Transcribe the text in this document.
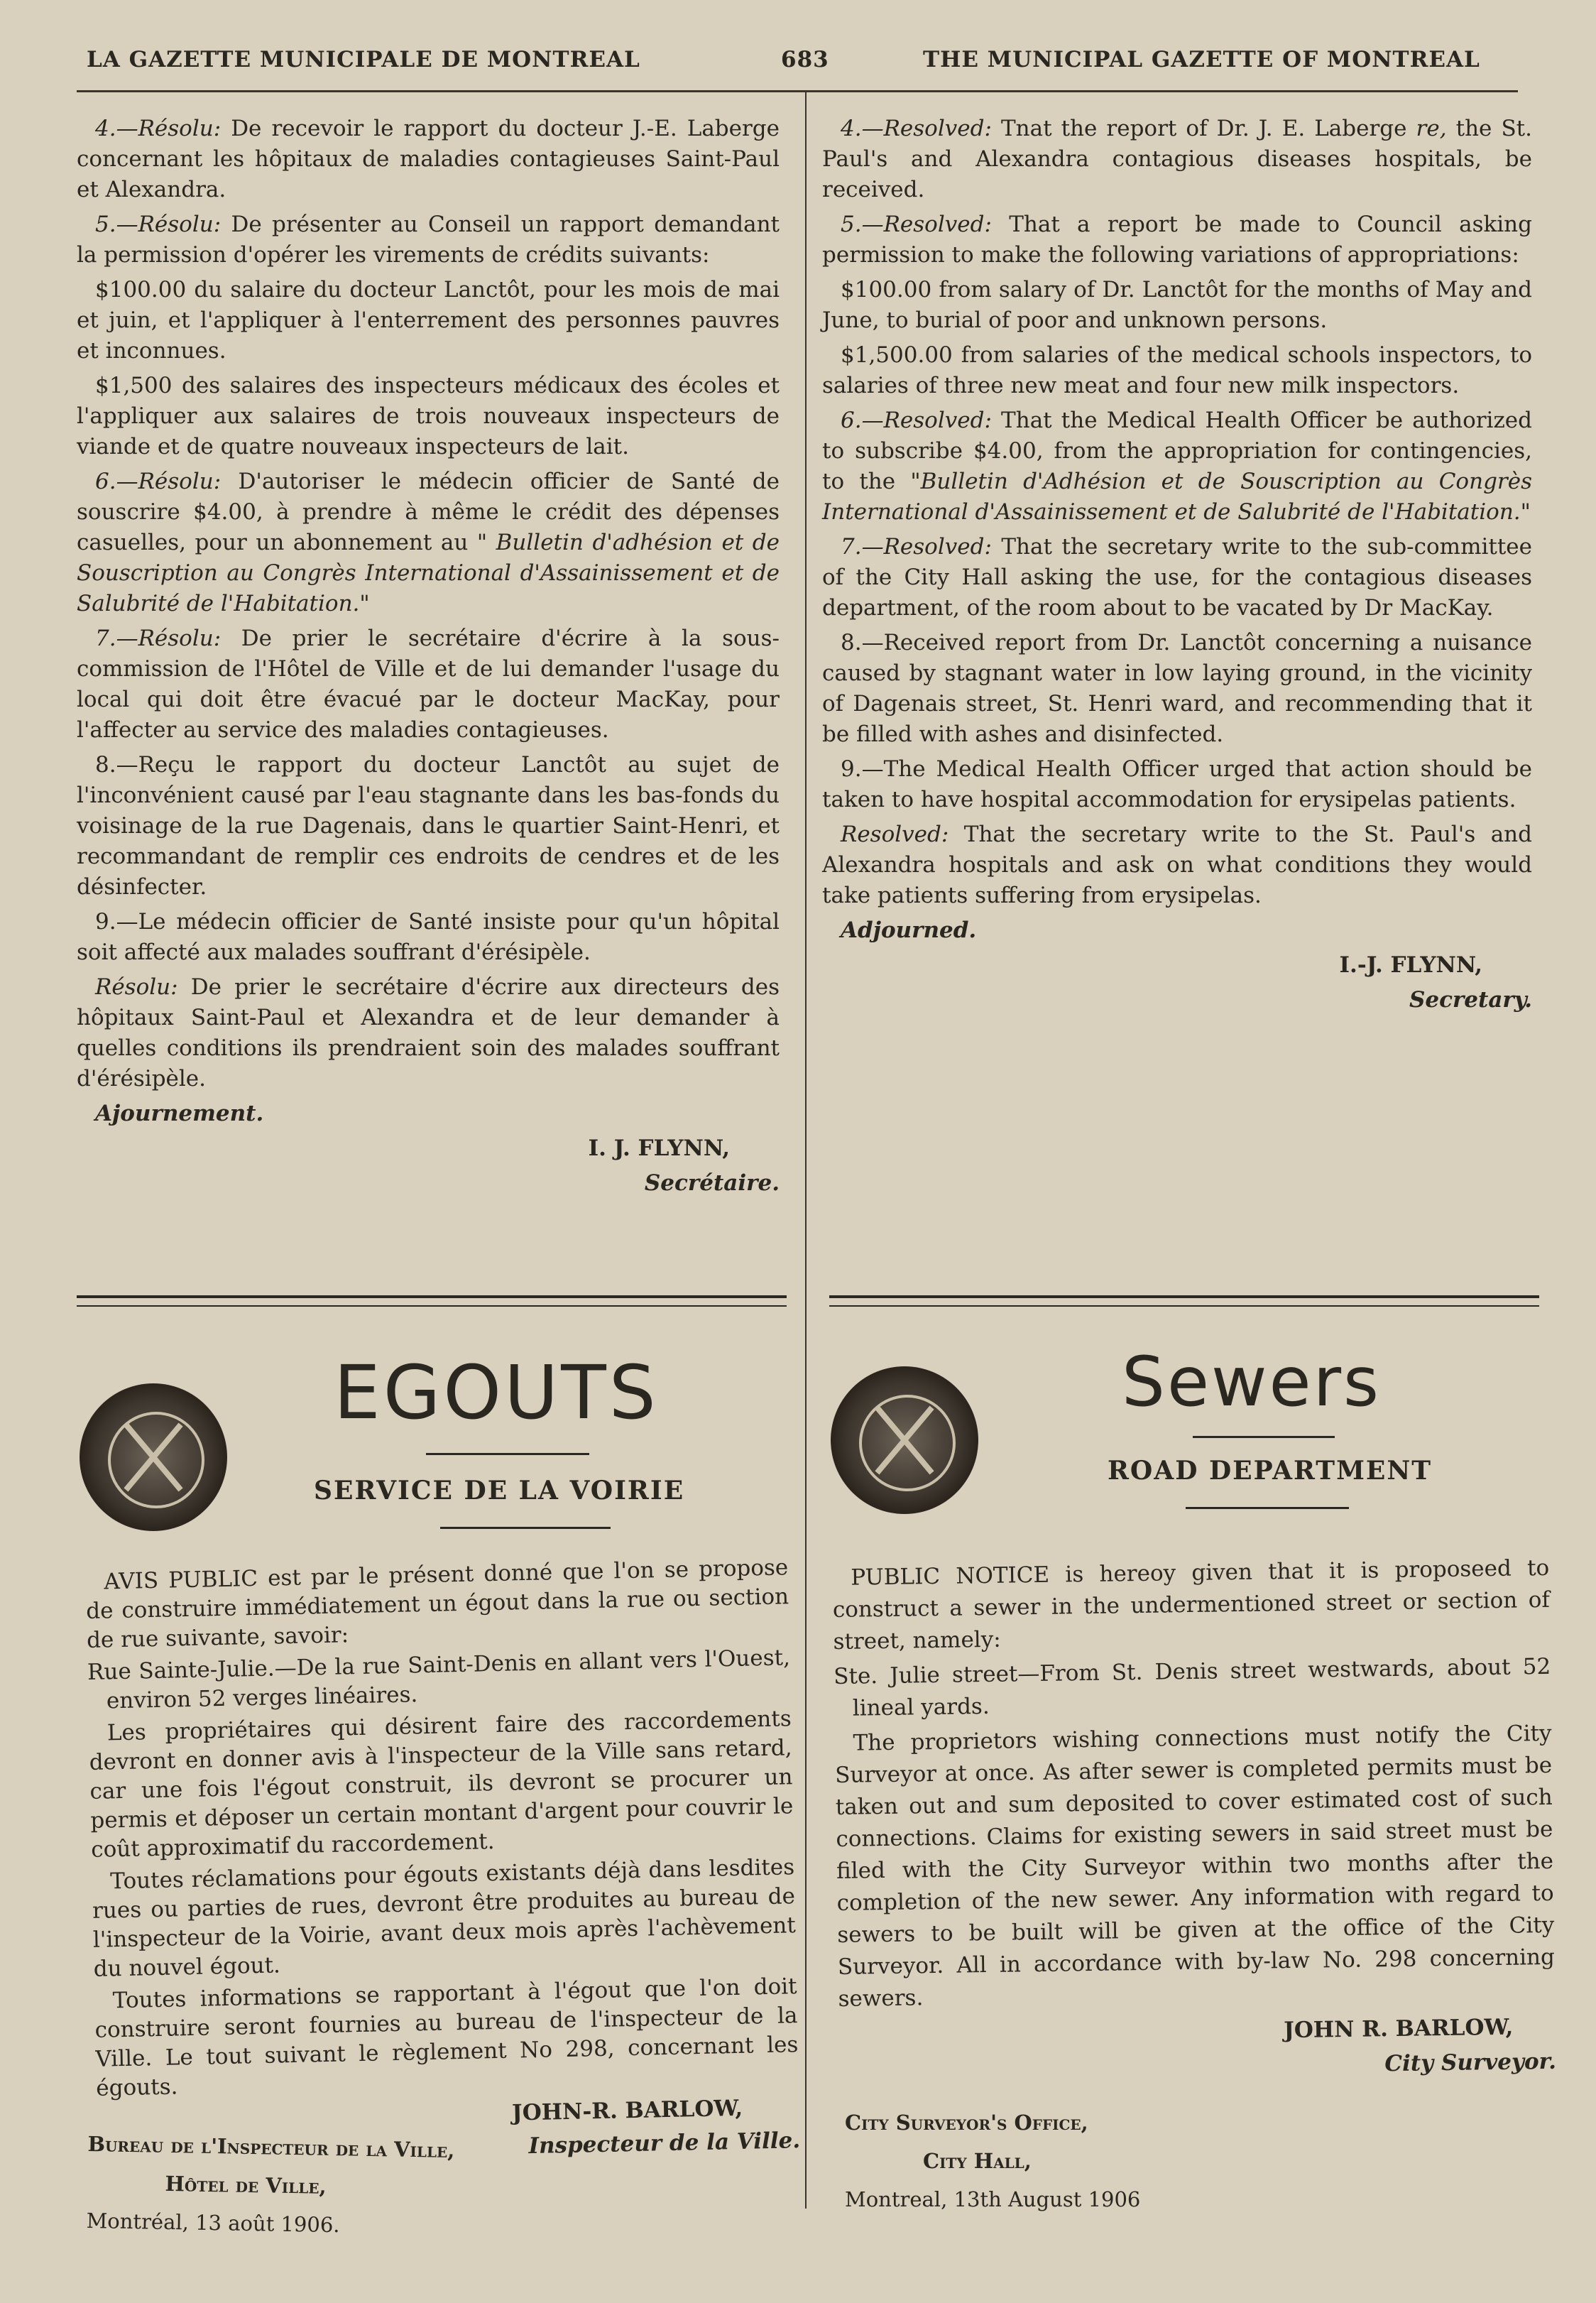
LA GAZETTE MUNICIPALE DE MONTREAL	683	THE MUNICIPAL GAZETTE OF MONTREAL

4.—Résolu: De recevoir le rapport du docteur J.-E. Laberge concernant les hôpitaux de maladies contagieuses Saint-Paul et Alexandra.

5.—Résolu: De présenter au Conseil un rapport demandant la permission d'opérer les virements de crédits suivants:

$100.00 du salaire du docteur Lanctôt, pour les mois de mai et juin, et l'appliquer à l'enterrement des personnes pauvres et inconnues.

$1,500 des salaires des inspecteurs médicaux des écoles et l'appliquer aux salaires de trois nouveaux inspecteurs de viande et de quatre nouveaux inspecteurs de lait.

6.—Résolu: D'autoriser le médecin officier de Santé de souscrire $4.00, à prendre à même le crédit des dépenses casuelles, pour un abonnement au " Bulletin d'adhésion et de Souscription au Congrès International d'Assainissement et de Salubrité de l'Habitation."

7.—Résolu: De prier le secrétaire d'écrire à la sous-commission de l'Hôtel de Ville et de lui demander l'usage du local qui doit être évacué par le docteur MacKay, pour l'affecter au service des maladies contagieuses.

8.—Reçu le rapport du docteur Lanctôt au sujet de l'inconvénient causé par l'eau stagnante dans les bas-fonds du voisinage de la rue Dagenais, dans le quartier Saint-Henri, et recommandant de remplir ces endroits de cendres et de les désinfecter.

9.—Le médecin officier de Santé insiste pour qu'un hôpital soit affecté aux malades souffrant d'érésipèle.

Résolu: De prier le secrétaire d'écrire aux directeurs des hôpitaux Saint-Paul et Alexandra et de leur demander à quelles conditions ils prendraient soin des malades souffrant d'érésipèle.

Ajournement.

I. J. FLYNN,

Secrétaire.

4.—Resolved: Tnat the report of Dr. J. E. Laberge re, the St. Paul's and Alexandra contagious diseases hospitals, be received.

5.—Resolved: That a report be made to Council asking permission to make the following variations of appropriations:

$100.00 from salary of Dr. Lanctôt for the months of May and June, to burial of poor and unknown persons.

$1,500.00 from salaries of the medical schools inspectors, to salaries of three new meat and four new milk inspectors.

6.—Resolved: That the Medical Health Officer be authorized to subscribe $4.00, from the appropriation for contingencies, to the "Bulletin d'Adhésion et de Souscription au Congrès International d'Assainissement et de Salubrité de l'Habitation."

7.—Resolved: That the secretary write to the sub-committee of the City Hall asking the use, for the contagious diseases department, of the room about to be vacated by Dr MacKay.

8.—Received report from Dr. Lanctôt concerning a nuisance caused by stagnant water in low laying ground, in the vicinity of Dagenais street, St. Henri ward, and recommending that it be filled with ashes and disinfected.

9.—The Medical Health Officer urged that action should be taken to have hospital accommodation for erysipelas patients.

Resolved: That the secretary write to the St. Paul's and Alexandra hospitals and ask on what conditions they would take patients suffering from erysipelas.

Adjourned.

I.-J. FLYNN,

Secretary.

EGOUTS
SERVICE DE LA VOIRIE

AVIS PUBLIC est par le présent donné que l'on se propose de construire immédiatement un égout dans la rue ou section de rue suivante, savoir:

Rue Sainte-Julie.—De la rue Saint-Denis en allant vers l'Ouest, environ 52 verges linéaires.

Les propriétaires qui désirent faire des raccordements devront en donner avis à l'inspecteur de la Ville sans retard, car une fois l'égout construit, ils devront se procurer un permis et déposer un certain montant d'argent pour couvrir le coût approximatif du raccordement.

Toutes réclamations pour égouts existants déjà dans lesdites rues ou parties de rues, devront être produites au bureau de l'inspecteur de la Voirie, avant deux mois après l'achèvement du nouvel égout.

Toutes informations se rapportant à l'égout que l'on doit construire seront fournies au bureau de l'inspecteur de la Ville. Le tout suivant le règlement No 298, concernant les égouts.

JOHN-R. BARLOW,

Inspecteur de la Ville.

Bureau de l'Inspecteur de la Ville,
Hôtel de Ville,
Montréal, 13 août 1906.
Sewers
ROAD DEPARTMENT

PUBLIC NOTICE is hereoy given that it is proposeed to construct a sewer in the undermentioned street or section of street, namely:

Ste. Julie street—From St. Denis street westwards, about 52 lineal yards.

The proprietors wishing connections must notify the City Surveyor at once. As after sewer is completed permits must be taken out and sum deposited to cover estimated cost of such connections. Claims for existing sewers in said street must be filed with the City Surveyor within two months after the completion of the new sewer. Any information with regard to sewers to be built will be given at the office of the City Surveyor. All in accordance with by-law No. 298 concerning sewers.

JOHN R. BARLOW,

City Surveyor.

City Surveyor's Office,
City Hall,
Montreal, 13th August 1906
